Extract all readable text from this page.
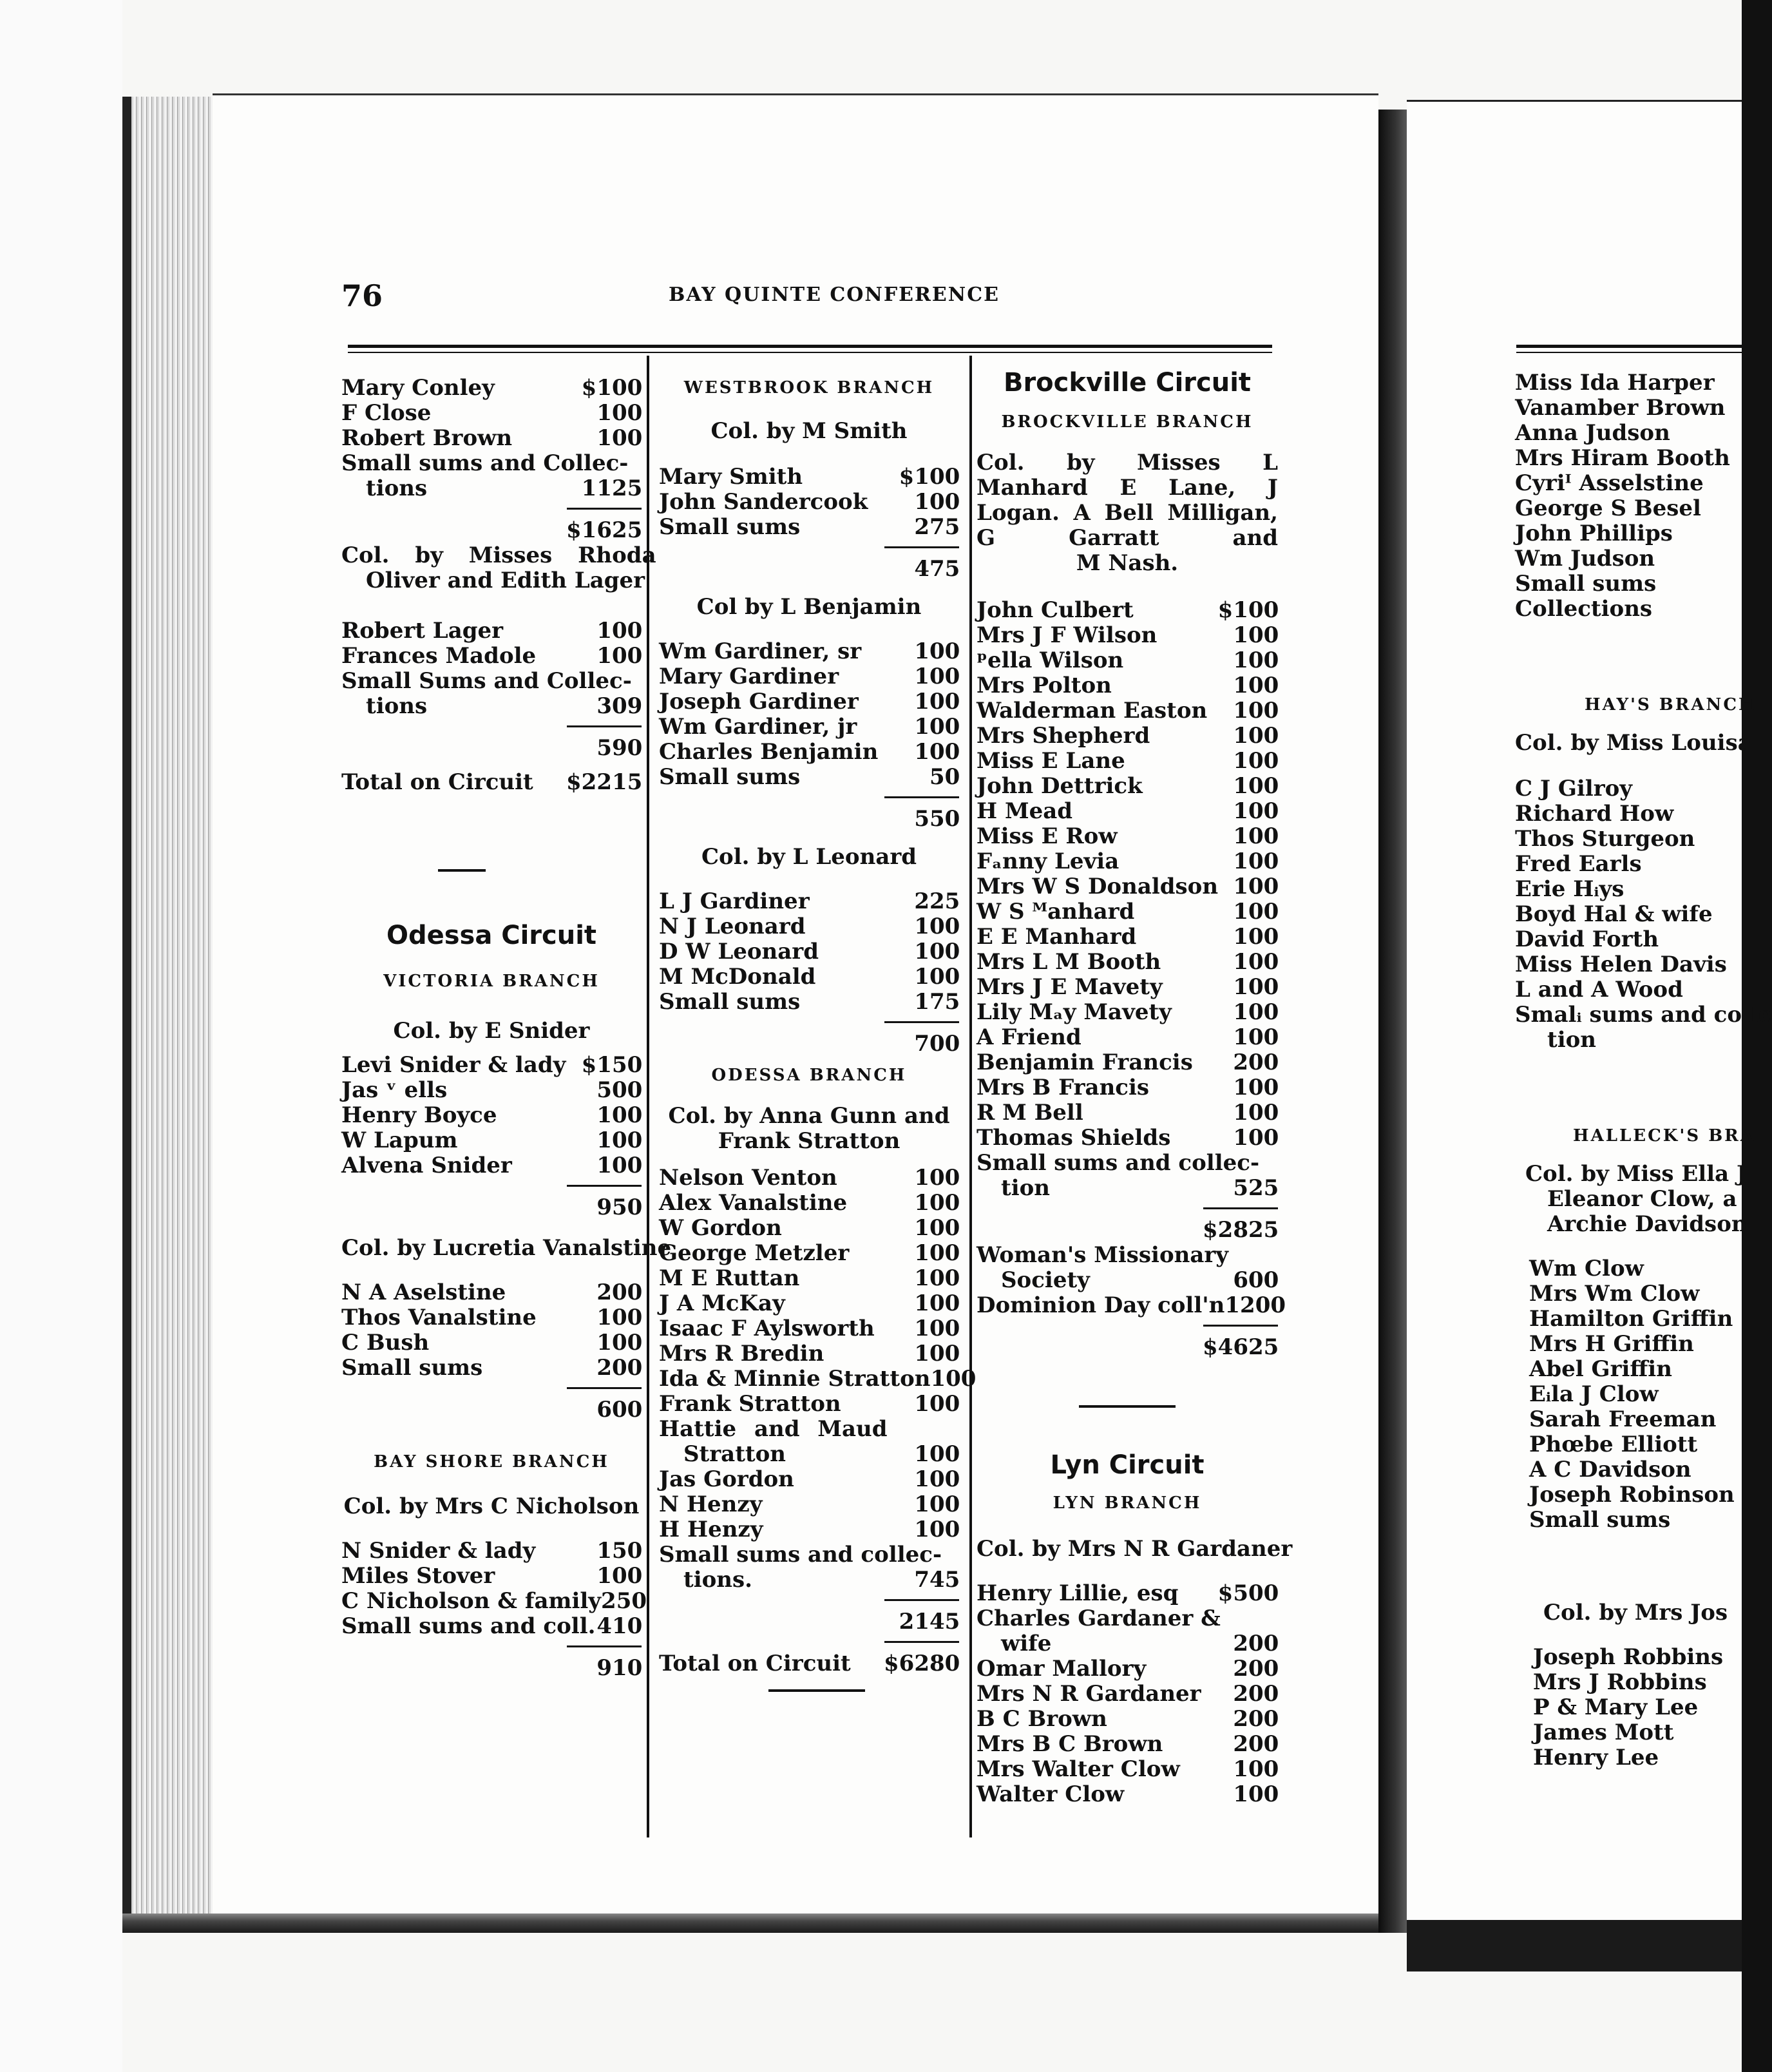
76	BAY QUINTE CONFERENCE
Mary Conley	$1 00
F Close	1 00
Robert Brown	1 00
Small sums and Collec-
tions	11 25
$16 25
Col. by Misses Rhoda
Oliver and Edith Lager
Robert Lager	1 00
Frances Madole	1 00
Small Sums and Collec-
tions	3 09
5 90
Total on Circuit	$22 15
Odessa Circuit
VICTORIA BRANCH
Col. by E Snider
Levi Snider & lady $1 50
Jas ᵛ ells	5 00
Henry Boyce	1 00
W Lapum	1 00
Alvena Snider	1 00
9 50
Col. by Lucretia Vanalstine
N A Aselstine	2 00
Thos Vanalstine	1 00
C Bush	1 00
Small sums	2 00
6 00
BAY SHORE BRANCH
Col. by Mrs C Nicholson
N Snider & lady	1 50
Miles Stover	1 00
C Nicholson & family 2 50
Small sums and coll. 4 10
9 10
WESTBROOK BRANCH
Col. by M Smith
Mary Smith	$1 00
John Sandercook	1 00
Small sums	2 75
4 75
Col by L Benjamin
Wm Gardiner, sr	1 00
Mary Gardiner	1 00
Joseph Gardiner	1 00
Wm Gardiner, jr	1 00
Charles Benjamin	1 00
Small sums	50
5 50
Col. by L Leonard
L J Gardiner	2 25
N J Leonard	1 00
D W Leonard	1 00
M McDonald	1 00
Small sums	1 75
7 00
ODESSA BRANCH
Col. by Anna Gunn and
Frank Stratton
Nelson Venton	1 00
Alex Vanalstine	1 00
W Gordon	1 00
George Metzler	1 00
M E Ruttan	1 00
J A McKay	1 00
Isaac F Aylsworth	1 00
Mrs R Bredin	1 00
Ida & Minnie Stratton 1 00
Frank Stratton	1 00
Hattie and Maud
Stratton	1 00
Jas Gordon	1 00
N Henzy	1 00
H Henzy	1 00
Small sums and collec-
tions.	7 45
21 45
Total on Circuit	$62 80
Brockville Circuit
BROCKVILLE BRANCH
Col. by Misses L Manhard E Lane, J Logan. A Bell Milligan, G Garratt and
M Nash.
John Culbert	$1 00
Mrs J F Wilson	1 00
ᵖella Wilson	1 00
Mrs Polton	1 00
Walderman Easton	1 00
Mrs Shepherd	1 00
Miss E Lane	1 00
John Dettrick	1 00
H Mead	1 00
Miss E Row	1 00
Fₐnny Levia	1 00
Mrs W S Donaldson 1 00
W S ᴹanhard	1 00
E E Manhard	1 00
Mrs L M Booth	1 00
Mrs J E Mavety	1 00
Lily Mₐy Mavety	1 00
A Friend	1 00
Benjamin Francis	2 00
Mrs B Francis	1 00
R M Bell	1 00
Thomas Shields	1 00
Small sums and collec-
tion	5 25
$28 25
Woman's Missionary
Society	6 00
Dominion Day coll'n 12 00
$46 25
Lyn Circuit
LYN BRANCH
Col. by Mrs N R Gardaner
Henry Lillie, esq	$5 00
Charles Gardaner &
wife	2 00
Omar Mallory	2 00
Mrs N R Gardaner	2 00
B C Brown	2 00
Mrs B C Brown	2 00
Mrs Walter Clow	1 00
Walter Clow	1 00
Miss Ida Harper
Vanamber Brown
Anna Judson
Mrs Hiram Booth
Cyriᴵ Asselstine
George S Besel
John Phillips
Wm Judson
Small sums
Collections
HAY'S BRANCH
Col. by Miss Louisa
C J Gilroy
Richard How
Thos Sturgeon
Fred Earls
Erie Hᵢys
Boyd Hal & wife
David Forth
Miss Helen Davis
L and A Wood
Smalᵢ sums and colle
tion
HALLECK'S BRA
Col. by Miss Ella J
Eleanor Clow, a
Archie Davidson
Wm Clow
Mrs Wm Clow
Hamilton Griffin
Mrs H Griffin
Abel Griffin
Eᵢla J Clow
Sarah Freeman
Phœbe Elliott
A C Davidson
Joseph Robinson
Small sums
Col. by Mrs Jos
Joseph Robbins
Mrs J Robbins
P & Mary Lee
James Mott
Henry Lee
